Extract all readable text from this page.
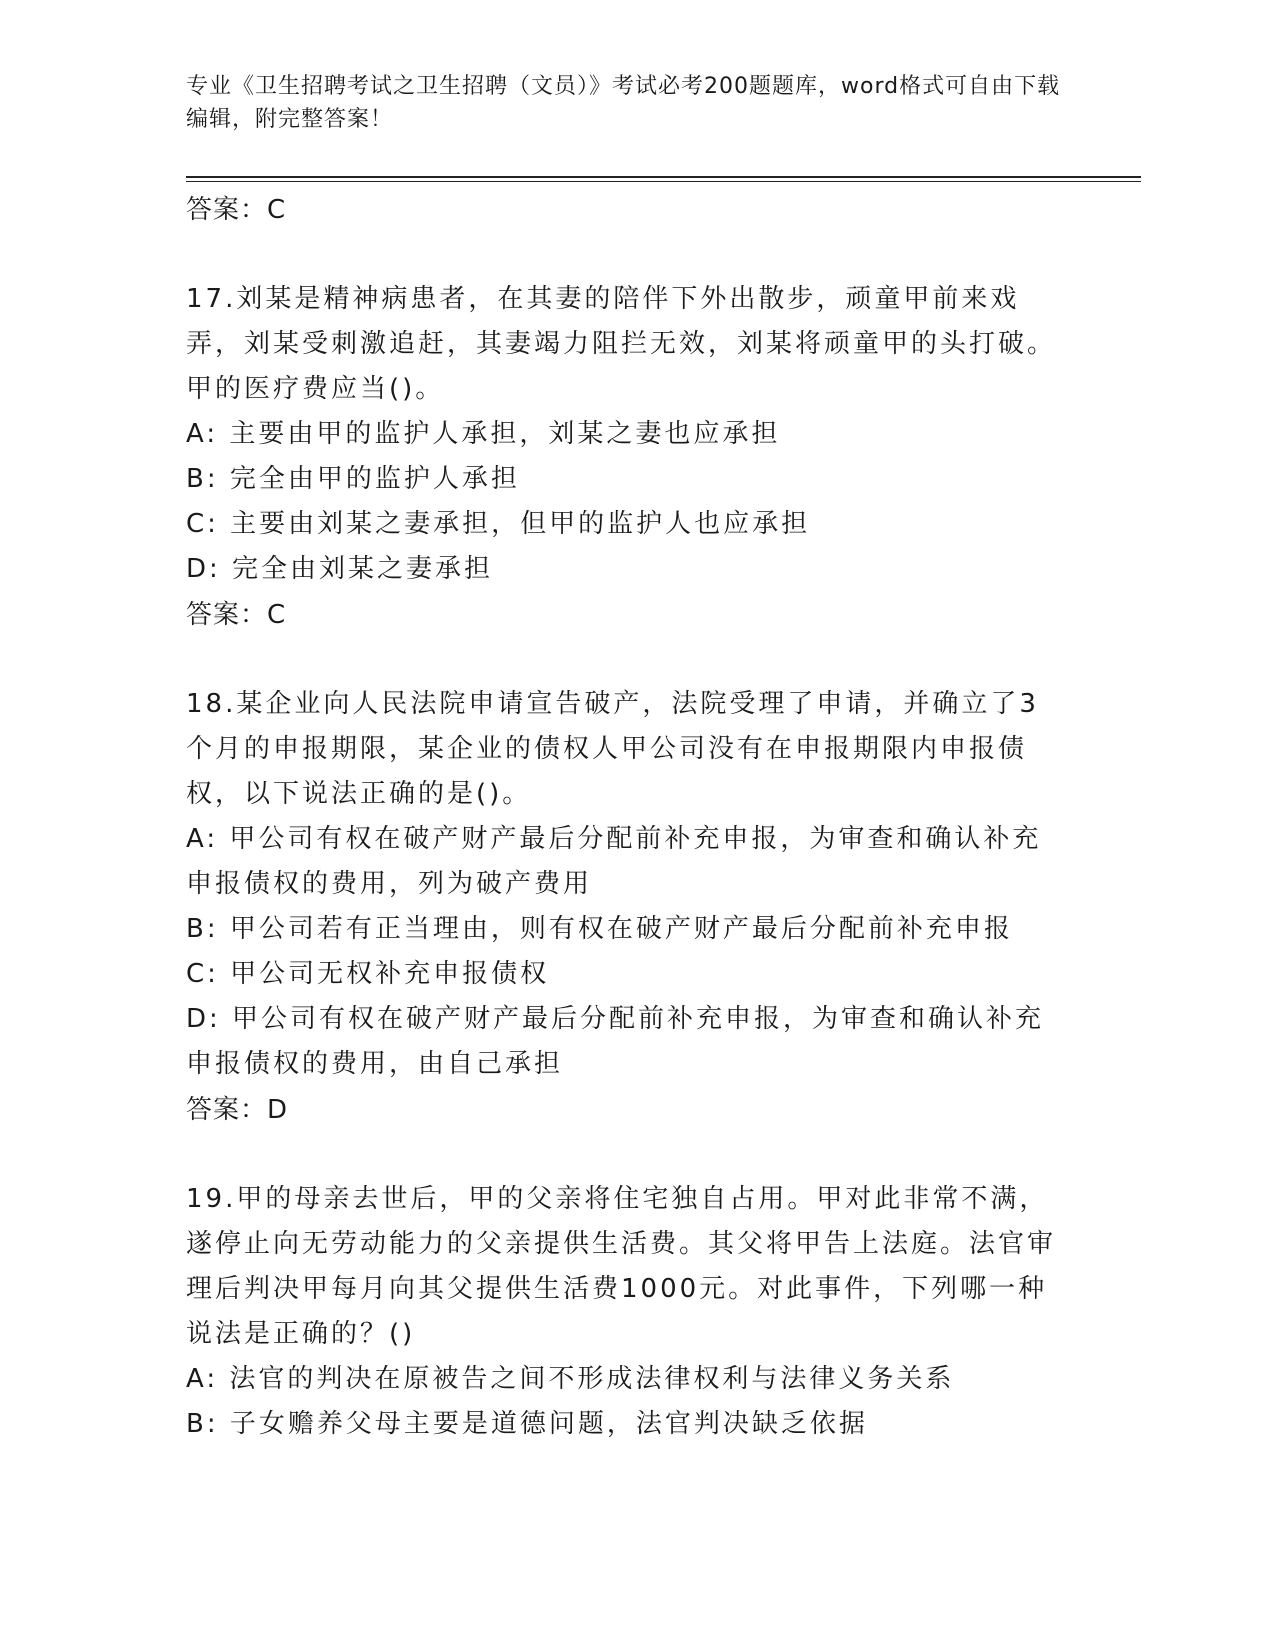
专业《卫生招聘考试之卫生招聘（文员）》考试必考200题题库，word格式可自由下载编辑，附完整答案！

答案：C
17.刘某是精神病患者，在其妻的陪伴下外出散步，顽童甲前来戏弄，刘某受刺激追赶，其妻竭力阻拦无效，刘某将顽童甲的头打破。甲的医疗费应当()。
A: 主要由甲的监护人承担，刘某之妻也应承担
B: 完全由甲的监护人承担
C: 主要由刘某之妻承担，但甲的监护人也应承担
D: 完全由刘某之妻承担
答案：C
18.某企业向人民法院申请宣告破产，法院受理了申请，并确立了3个月的申报期限，某企业的债权人甲公司没有在申报期限内申报债权，以下说法正确的是()。
A: 甲公司有权在破产财产最后分配前补充申报，为审查和确认补充申报债权的费用，列为破产费用
B: 甲公司若有正当理由，则有权在破产财产最后分配前补充申报
C: 甲公司无权补充申报债权
D: 甲公司有权在破产财产最后分配前补充申报，为审查和确认补充申报债权的费用，由自己承担
答案：D
19.甲的母亲去世后，甲的父亲将住宅独自占用。甲对此非常不满，遂停止向无劳动能力的父亲提供生活费。其父将甲告上法庭。法官审理后判决甲每月向其父提供生活费1000元。对此事件，下列哪一种说法是正确的？()
A: 法官的判决在原被告之间不形成法律权利与法律义务关系
B: 子女赡养父母主要是道德问题，法官判决缺乏依据
